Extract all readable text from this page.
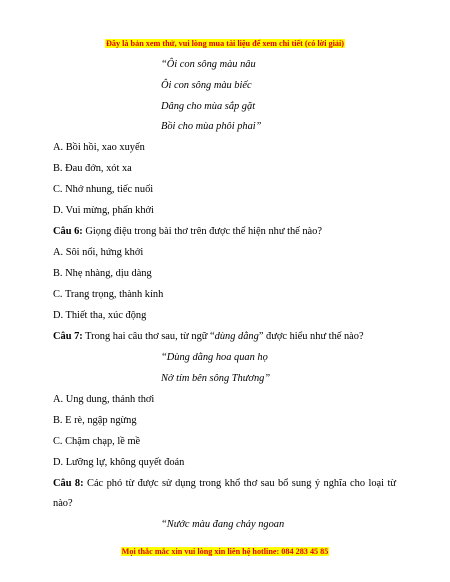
Đây là bản xem thử, vui lòng mua tài liệu để xem chi tiết (có lời giải)
“Ôi con sông màu nâu
Ôi con sông màu biếc
Dâng cho mùa sắp gặt
Bồi cho mùa phôi phai”
A. Bồi hồi, xao xuyến
B. Đau đớn, xót xa
C. Nhớ nhung, tiếc nuối
D. Vui mừng, phấn khởi
Câu 6: Giọng điệu trong bài thơ trên được thể hiện như thế nào?
A. Sôi nổi, hứng khởi
B. Nhẹ nhàng, dịu dàng
C. Trang trọng, thành kính
D. Thiết tha, xúc động
Câu 7: Trong hai câu thơ sau, từ ngữ “dùng dằng” được hiểu như thế nào?
“Dùng dằng hoa quan họ
Nở tím bên sông Thương”
A. Ung dung, thảnh thơi
B. E rè, ngập ngừng
C. Chậm chạp, lề mề
D. Lưỡng lự, không quyết đoán
Câu 8: Các phó từ được sử dụng trong khổ thơ sau bổ sung ý nghĩa cho loại từ
nào?
“Nước màu đang chảy ngoan
Mọi thắc mắc xin vui lòng xin liên hệ hotline: 084 283 45 85
